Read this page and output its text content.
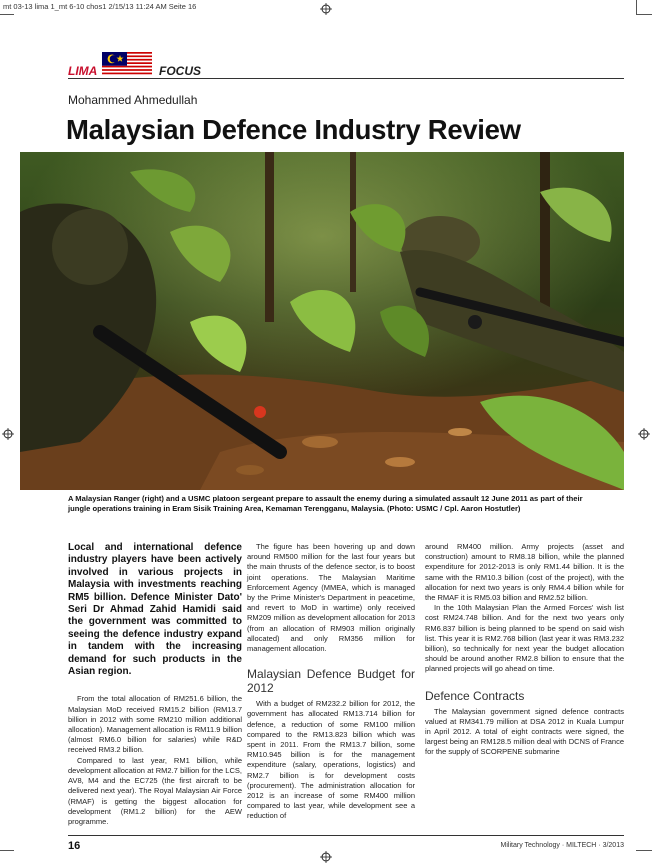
mt 03-13 lima 1_mt 6-10 chos1 2/15/13 11:24 AM Seite 16
LIMA	FOCUS
Mohammed Ahmedullah
Malaysian Defence Industry Review
A Malaysian Ranger (right) and a USMC platoon sergeant prepare to assault the enemy during a simulated assault 12 June 2011 as part of their jungle operations training in Eram Sisik Training Area, Kemaman Terengganu, Malaysia. (Photo: USMC / Cpl. Aaron Hostutler)

Local and international defence industry players have been actively involved in various projects in Malaysia with investments reaching RM5 billion. Defence Minister Dato' Seri Dr Ahmad Zahid Hamidi said the government was committed to seeing the defence industry expand in tandem with the increasing demand for such products in the Asian region.

From the total allocation of RM251.6 billion, the Malaysian MoD received RM15.2 billion (RM13.7 billion in 2012 with some RM210 million additional allocation). Management allocation is RM11.9 billion (almost RM6.0 billion for salaries) while R&D received RM3.2 billion.

Compared to last year, RM1 billion, while development allocation at RM2.7 billion for the LCS, AV8, M4 and the EC725 (the first aircraft to be delivered next year). The Royal Malaysian Air Force (RMAF) is getting the biggest allocation for development (RM1.2 billion) for the AEW programme.

The figure has been hovering up and down around RM500 million for the last four years but the main thrusts of the defence sector, is to boost joint operations. The Malaysian Maritime Enforcement Agency (MMEA, which is managed by the Prime Minister's Department in peacetime, and revert to MoD in wartime) only received RM209 million as development allocation for 2013 (from an allocation of RM903 million originally allocated) and only RM356 million for management allocation.

Malaysian Defence Budget for 2012

With a budget of RM232.2 billion for 2012, the government has allocated RM13.714 billion for defence, a reduction of some RM100 million compared to the RM13.823 billion which was spent in 2011. From the RM13.7 billion, some RM10.945 billion is for the management expenditure (salary, operations, logistics) and RM2.7 billion is for development costs (procurement). The administration allocation for 2012 is an increase of some RM400 million compared to last year, while development see a reduction of

around RM400 million. Army projects (asset and construction) amount to RM8.18 billion, while the planned expenditure for 2012-2013 is only RM1.44 billion. It is the same with the RM10.3 billion (cost of the project), with the allocation for next two years is only RM4.4 billion while for the RMAF it is RM5.03 billion and RM2.52 billion.

In the 10th Malaysian Plan the Armed Forces' wish list cost RM24.748 billion. And for the next two years only RM6.837 billion is being planned to be spend on said wish list. This year it is RM2.768 billion (last year it was RM3.232 billion), so technically for next year the budget allocation should be around another RM2.8 billion to ensure that the planned projects will go ahead on time.

Defence Contracts

The Malaysian government signed defence contracts valued at RM341.79 million at DSA 2012 in Kuala Lumpur in April 2012. A total of eight contracts were signed, the largest being an RM128.5 million deal with DCNS of France for the supply of SCORPENE submarine

16	Military Technology · MILTECH · 3/2013
